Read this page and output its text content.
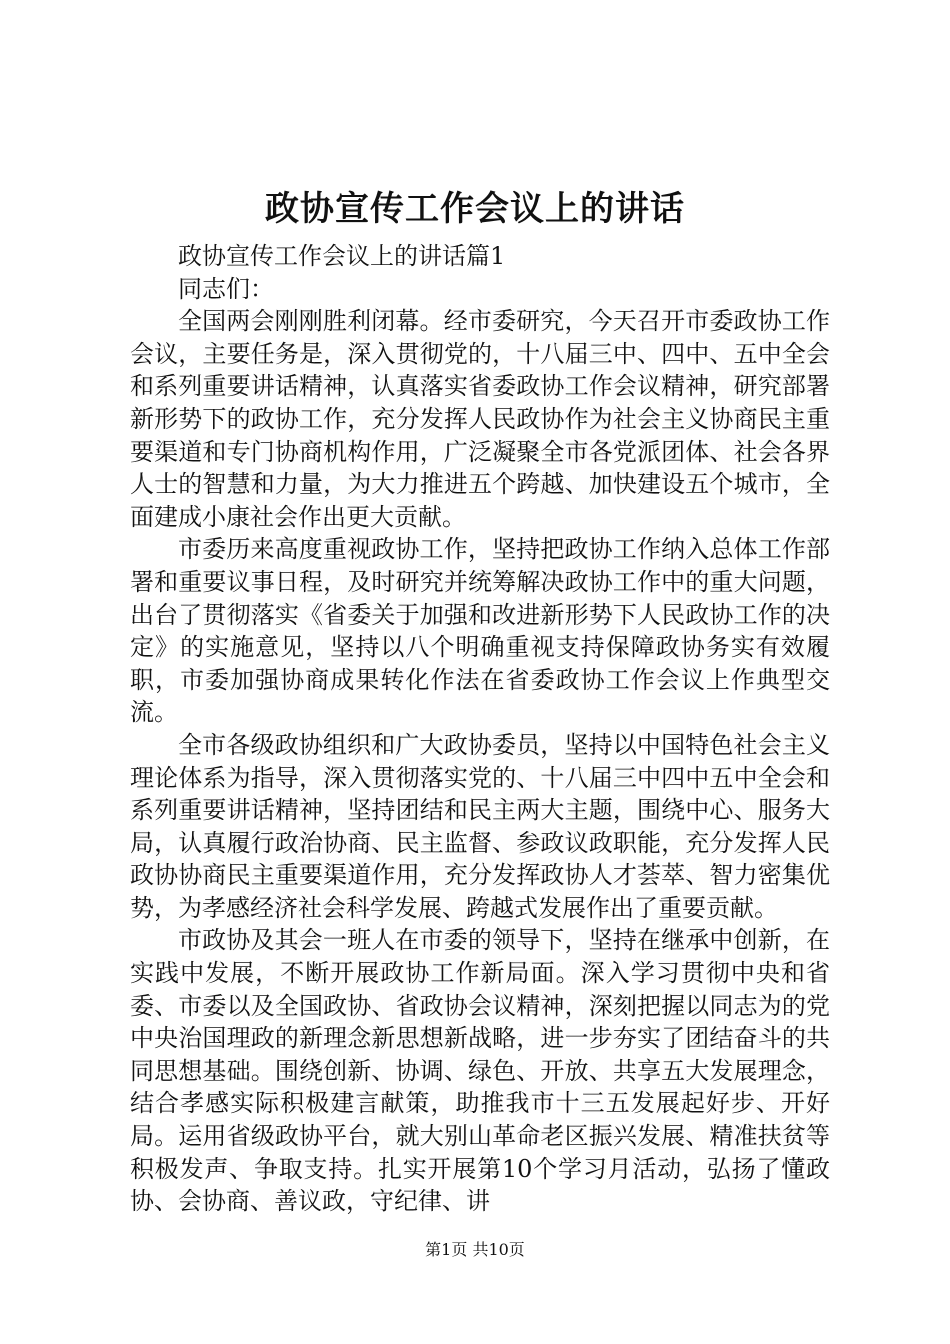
政协宣传工作会议上的讲话

政协宣传工作会议上的讲话篇1

同志们：

全国两会刚刚胜利闭幕。经市委研究，今天召开市委政协工作会议，主要任务是，深入贯彻党的，十八届三中、四中、五中全会和系列重要讲话精神，认真落实省委政协工作会议精神，研究部署新形势下的政协工作，充分发挥人民政协作为社会主义协商民主重要渠道和专门协商机构作用，广泛凝聚全市各党派团体、社会各界人士的智慧和力量，为大力推进五个跨越、加快建设五个城市，全面建成小康社会作出更大贡献。

市委历来高度重视政协工作，坚持把政协工作纳入总体工作部署和重要议事日程，及时研究并统筹解决政协工作中的重大问题，出台了贯彻落实《省委关于加强和改进新形势下人民政协工作的决定》的实施意见，坚持以八个明确重视支持保障政协务实有效履职，市委加强协商成果转化作法在省委政协工作会议上作典型交流。

全市各级政协组织和广大政协委员，坚持以中国特色社会主义理论体系为指导，深入贯彻落实党的、十八届三中四中五中全会和系列重要讲话精神，坚持团结和民主两大主题，围绕中心、服务大局，认真履行政治协商、民主监督、参政议政职能，充分发挥人民政协协商民主重要渠道作用，充分发挥政协人才荟萃、智力密集优势，为孝感经济社会科学发展、跨越式发展作出了重要贡献。

市政协及其会一班人在市委的领导下，坚持在继承中创新，在实践中发展，不断开展政协工作新局面。深入学习贯彻中央和省委、市委以及全国政协、省政协会议精神，深刻把握以同志为的党中央治国理政的新理念新思想新战略，进一步夯实了团结奋斗的共同思想基础。围绕创新、协调、绿色、开放、共享五大发展理念，结合孝感实际积极建言献策，助推我市十三五发展起好步、开好局。运用省级政协平台，就大别山革命老区振兴发展、精准扶贫等积极发声、争取支持。扎实开展第10个学习月活动，弘扬了懂政协、会协商、善议政，守纪律、讲

第1页 共10页
